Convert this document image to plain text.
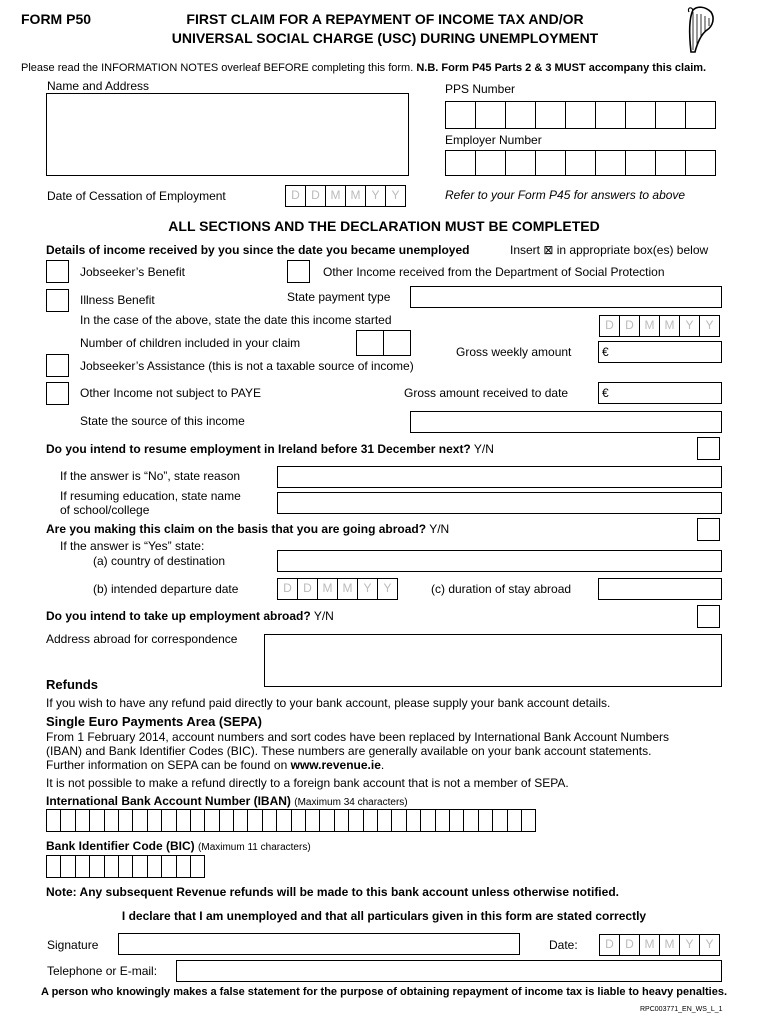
FORM P50	FIRST CLAIM FOR A REPAYMENT OF INCOME TAX AND/OR
UNIVERSAL SOCIAL CHARGE (USC) DURING UNEMPLOYMENT
Please read the INFORMATION NOTES overleaf BEFORE completing this form. N.B. Form P45 Parts 2 & 3 MUST accompany this claim.
Name and Address	PPS Number
Employer Number
Date of Cessation of Employment	D D M M Y Y	Refer to your Form P45 for answers to above
ALL SECTIONS AND THE DECLARATION MUST BE COMPLETED
Details of income received by you since the date you became unemployed	Insert ⊠ in appropriate box(es) below
Jobseeker’s Benefit	Other Income received from the Department of Social Protection
Illness Benefit	State payment type
In the case of the above, state the date this income started	D D M M Y Y
Number of children included in your claim
Gross weekly amount	€
Jobseeker’s Assistance (this is not a taxable source of income)
Other Income not subject to PAYE	Gross amount received to date	€
State the source of this income
Do you intend to resume employment in Ireland before 31 December next? Y/N
If the answer is “No”, state reason
If resuming education, state name
of school/college
Are you making this claim on the basis that you are going abroad? Y/N
If the answer is “Yes” state:
(a) country of destination
(b) intended departure date	D D M M Y Y	(c) duration of stay abroad
Do you intend to take up employment abroad? Y/N
Address abroad for correspondence
Refunds
If you wish to have any refund paid directly to your bank account, please supply your bank account details.
Single Euro Payments Area (SEPA)
From 1 February 2014, account numbers and sort codes have been replaced by International Bank Account Numbers
(IBAN) and Bank Identifier Codes (BIC). These numbers are generally available on your bank account statements.
Further information on SEPA can be found on www.revenue.ie.
It is not possible to make a refund directly to a foreign bank account that is not a member of SEPA.
International Bank Account Number (IBAN) (Maximum 34 characters)
Bank Identifier Code (BIC) (Maximum 11 characters)
Note: Any subsequent Revenue refunds will be made to this bank account unless otherwise notified.
I declare that I am unemployed and that all particulars given in this form are stated correctly
Signature	Date:	D D M M Y Y
Telephone or E-mail:
A person who knowingly makes a false statement for the purpose of obtaining repayment of income tax is liable to heavy penalties.
RPC003771_EN_WS_L_1
